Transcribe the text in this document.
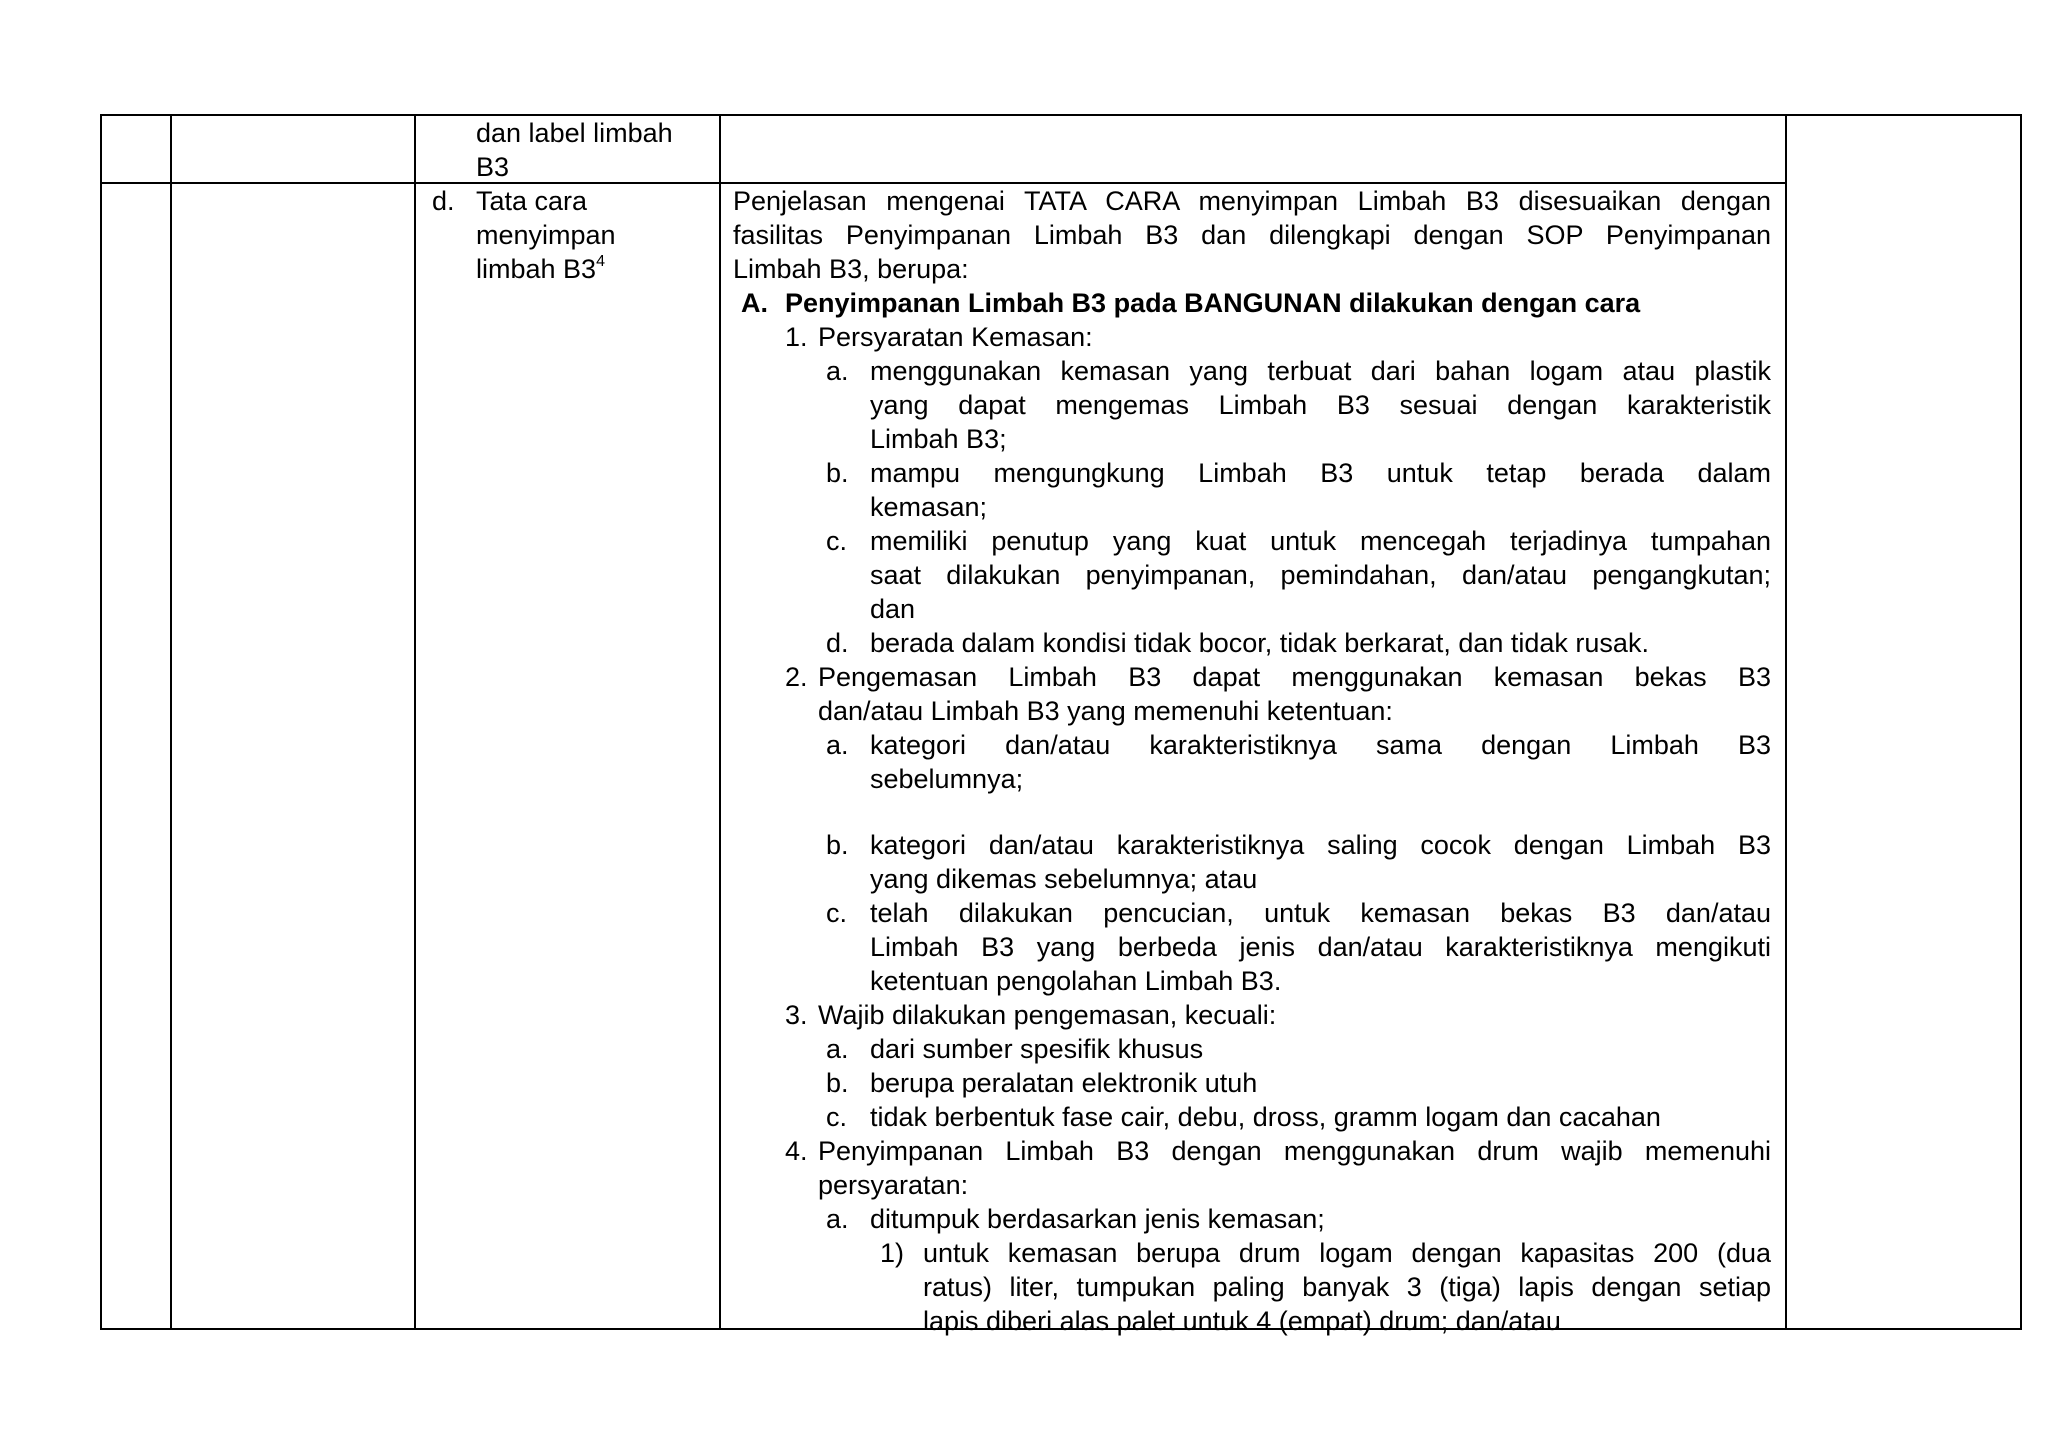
dan label limbah
B3
d. Tata cara
menyimpan
limbah $B3^4$
Penjelasan mengenai TATA CARA menyimpan Limbah B3 disesuaikan dengan
fasilitas Penyimpanan Limbah B3 dan dilengkapi dengan SOP Penyimpanan
Limbah B3, berupa:
A. Penyimpanan Limbah B3 pada BANGUNAN dilakukan dengan cara
1. Persyaratan Kemasan:
a. menggunakan kemasan yang terbuat dari bahan logam atau plastik
yang dapat mengemas Limbah B3 sesuai dengan karakteristik
Limbah B3;
b. mampu mengungkung Limbah B3 untuk tetap berada dalam
kemasan;
c. memiliki penutup yang kuat untuk mencegah terjadinya tumpahan
saat dilakukan penyimpanan, pemindahan, dan/atau pengangkutan;
dan
d. berada dalam kondisi tidak bocor, tidak berkarat, dan tidak rusak.
2. Pengemasan Limbah B3 dapat menggunakan kemasan bekas B3
dan/atau Limbah B3 yang memenuhi ketentuan:
a. kategori dan/atau karakteristiknya sama dengan Limbah B3
sebelumnya;
b. kategori dan/atau karakteristiknya saling cocok dengan Limbah B3
yang dikemas sebelumnya; atau
c. telah dilakukan pencucian, untuk kemasan bekas B3 dan/atau
Limbah B3 yang berbeda jenis dan/atau karakteristiknya mengikuti
ketentuan pengolahan Limbah B3.
3. Wajib dilakukan pengemasan, kecuali:
a. dari sumber spesifik khusus
b. berupa peralatan elektronik utuh
c. tidak berbentuk fase cair, debu, dross, gramm logam dan cacahan
4. Penyimpanan Limbah B3 dengan menggunakan drum wajib memenuhi
persyaratan:
a. ditumpuk berdasarkan jenis kemasan;
1) untuk kemasan berupa drum logam dengan kapasitas 200 (dua
ratus) liter, tumpukan paling banyak 3 (tiga) lapis dengan setiap
lapis diberi alas palet untuk 4 (empat) drum; dan/atau
